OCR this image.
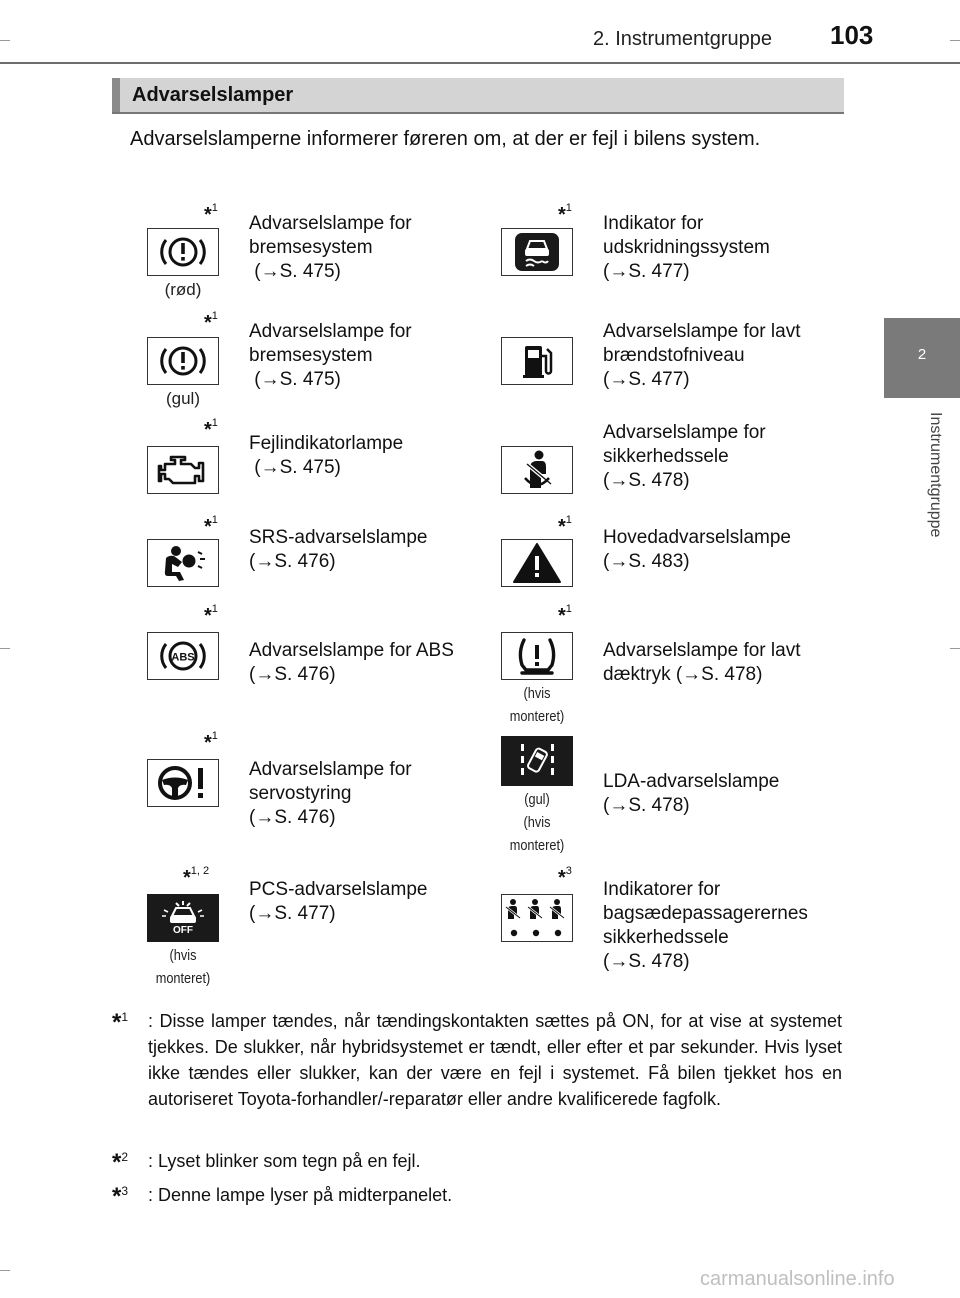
2. Instrumentgruppe 103
2
Instrumentgruppe
Advarselslamper
Advarselslamperne informerer føreren om, at der er fejl i bilens system.
*$^1$
(rød)
Advarselslampe for
bremsesystem
(→S. 475)
*$^1$
Indikator for
udskridningssystem
(→S. 477)
*$^1$
(gul)
Advarselslampe for
bremsesystem
(→S. 475)
Advarselslampe for lavt
brændstofniveau
(→S. 477)
*$^1$
Fejlindikatorlampe
(→S. 475)
Advarselslampe for
sikkerhedssele
(→S. 478)
*$^1$
SRS-advarselslampe
(→S. 476)
*$^1$
Hovedadvarselslampe
(→S. 483)
*$^1$
ABS	Advarselslampe for ABS
(→S. 476)
*$^1$
(hvis
monteret)
Advarselslampe for lavt
dæktryk (→S. 478)
*$^1$
Advarselslampe for
servostyring
(→S. 476)
(gul)
(hvis
monteret)
LDA-advarselslampe
(→S. 478)
*$^{1, 2}$
OFF
(hvis
monteret)
PCS-advarselslampe
(→S. 477)
*$^3$
Indikatorer for
bagsædepassagerernes
sikkerhedssele
(→S. 478)
*$^1$ : Disse lamper tændes, når tændingskontakten sættes på ON, for at vise at systemet tjekkes. De slukker, når hybridsystemet er tændt, eller efter et par sekunder. Hvis lyset ikke tændes eller slukker, kan der være en fejl i systemet. Få bilen tjekket hos en autoriseret Toyota-forhandler/-reparatør eller andre kvalificerede fagfolk.
*$^2$ : Lyset blinker som tegn på en fejl.
*$^3$ : Denne lampe lyser på midterpanelet.
carmanualsonline.info
